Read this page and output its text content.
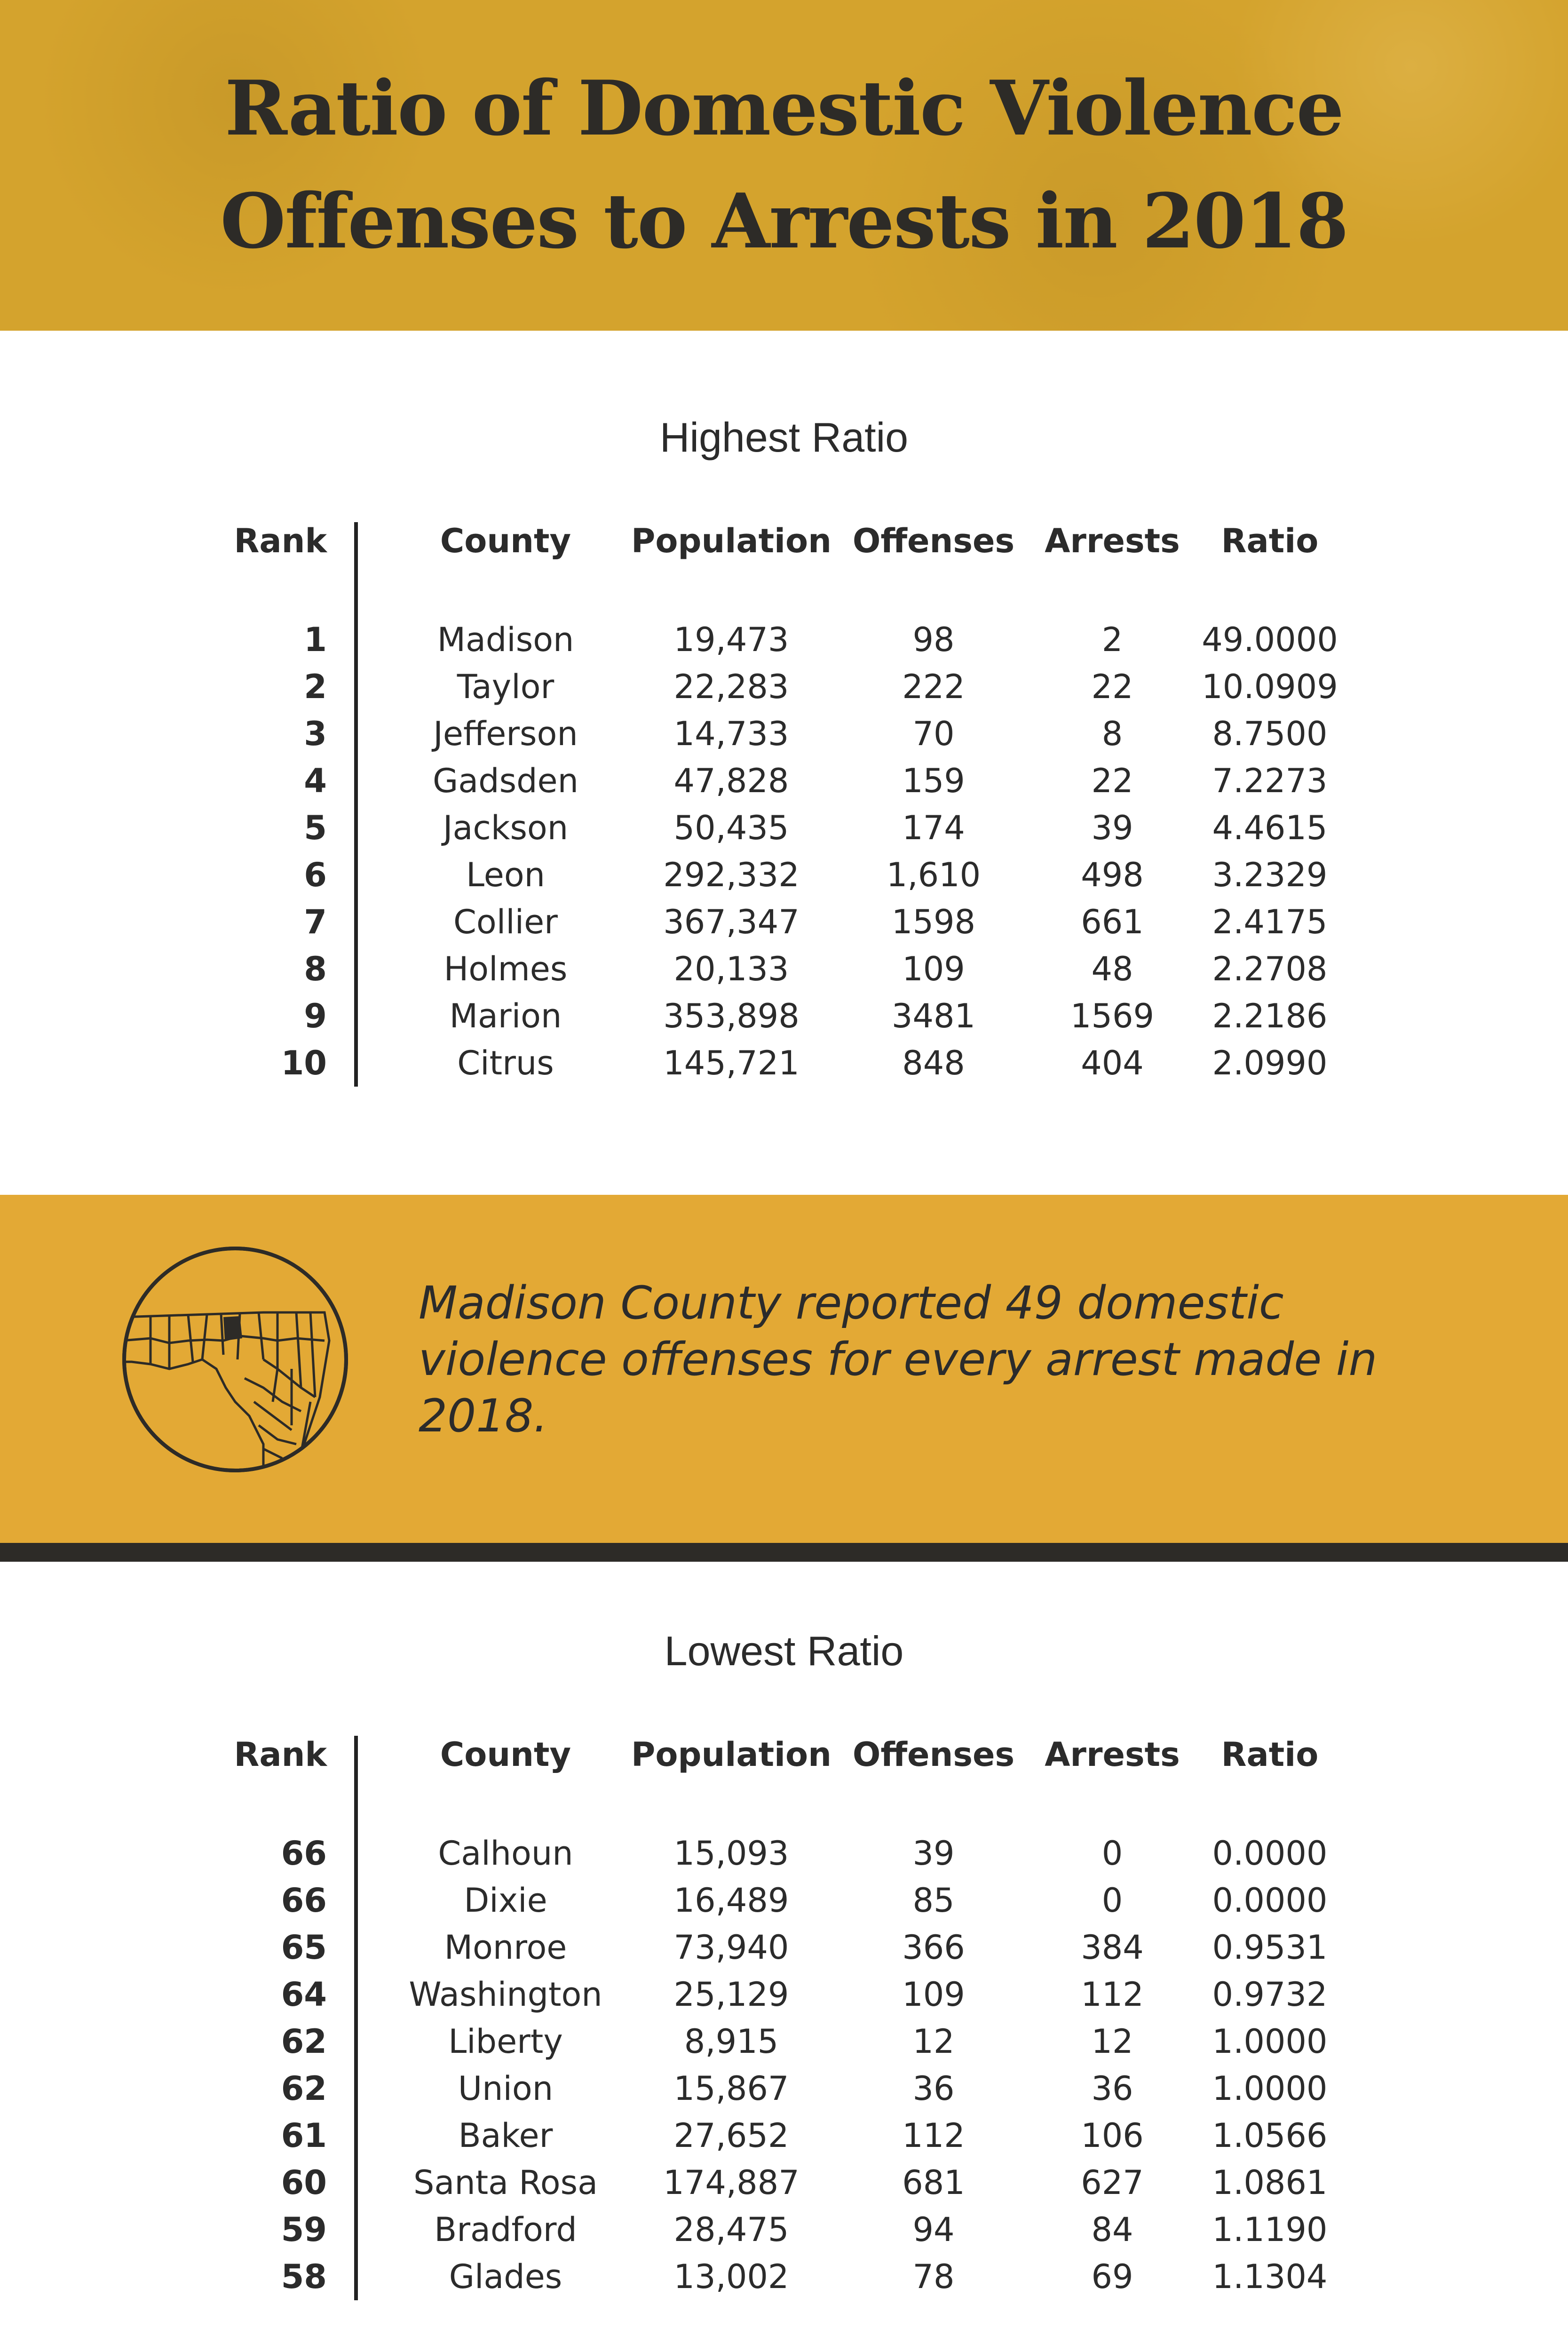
Ratio of Domestic Violence
Offenses to Arrests in 2018
Highest Ratio
Rank	County	Population Offenses Arrests	Ratio
1	Madison	19,473	98	2	49.0000
2	Taylor	22,283	222	22	10.0909
3	Jefferson	14,733	70	8	8.7500
4	Gadsden	47,828	159	22	7.2273
5	Jackson	50,435	174	39	4.4615
6	Leon	292,332	1,610	498	3.2329
7	Collier	367,347	1598	661	2.4175
8	Holmes	20,133	109	48	2.2708
9	Marion	353,898	3481	1569	2.2186
10	Citrus	145,721	848	404	2.0990
Madison County reported 49 domestic violence offenses for every arrest made in 2018.
Lowest Ratio
Rank	County	Population Offenses Arrests	Ratio
66	Calhoun	15,093	39	0	0.0000
66	Dixie	16,489	85	0	0.0000
65	Monroe	73,940	366	384	0.9531
64	Washington	25,129	109	112	0.9732
62	Liberty	8,915	12	12	1.0000
62	Union	15,867	36	36	1.0000
61	Baker	27,652	112	106	1.0566
60	Santa Rosa	174,887	681	627	1.0861
59	Bradford	28,475	94	84	1.1190
58	Glades	13,002	78	69	1.1304
